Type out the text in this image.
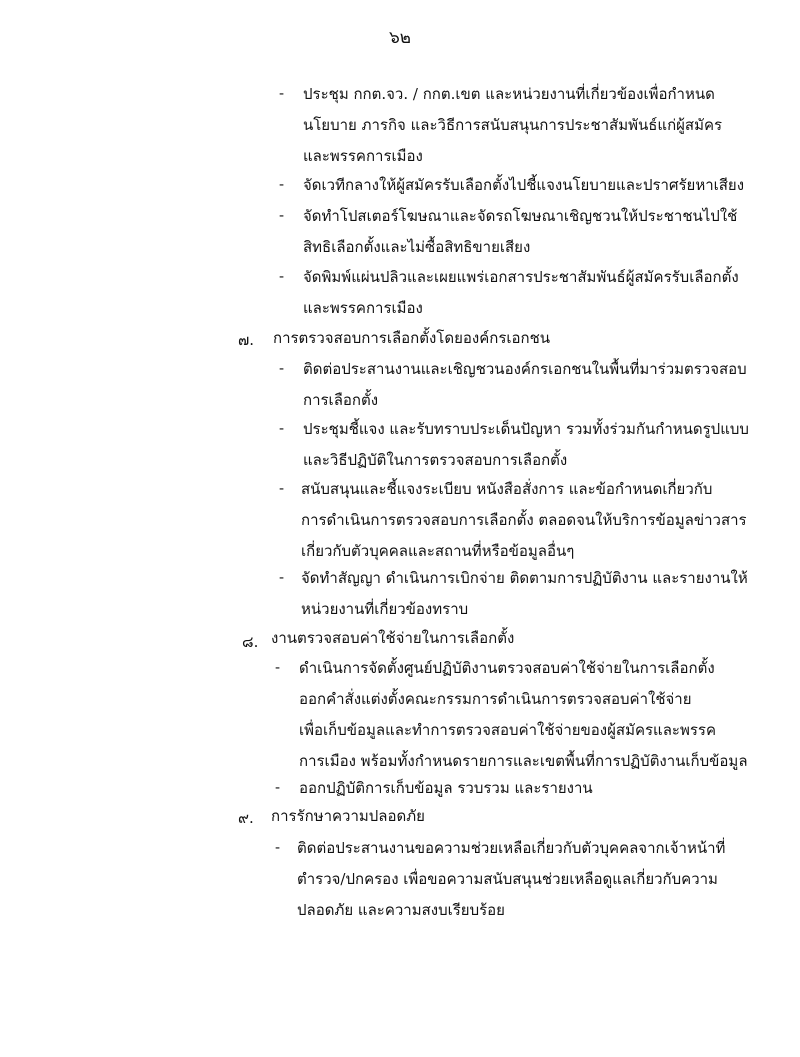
๖๒
- ประชุม กกต.จว. / กกต.เขต และหน่วยงานที่เกี่ยวข้องเพื่อกำหนด
นโยบาย ภารกิจ และวิธีการสนับสนุนการประชาสัมพันธ์แก่ผู้สมัคร
และพรรคการเมือง
- จัดเวทีกลางให้ผู้สมัครรับเลือกตั้งไปชี้แจงนโยบายและปราศรัยหาเสียง
- จัดทำโปสเตอร์โฆษณาและจัดรถโฆษณาเชิญชวนให้ประชาชนไปใช้
สิทธิเลือกตั้งและไม่ซื้อสิทธิขายเสียง
- จัดพิมพ์แผ่นปลิวและเผยแพร่เอกสารประชาสัมพันธ์ผู้สมัครรับเลือกตั้ง
และพรรคการเมือง
๗. การตรวจสอบการเลือกตั้งโดยองค์กรเอกชน
- ติดต่อประสานงานและเชิญชวนองค์กรเอกชนในพื้นที่มาร่วมตรวจสอบ
การเลือกตั้ง
- ประชุมชี้แจง และรับทราบประเด็นปัญหา รวมทั้งร่วมกันกำหนดรูปแบบ
และวิธีปฏิบัติในการตรวจสอบการเลือกตั้ง
- สนับสนุนและชี้แจงระเบียบ หนังสือสั่งการ และข้อกำหนดเกี่ยวกับ
การดำเนินการตรวจสอบการเลือกตั้ง ตลอดจนให้บริการข้อมูลข่าวสาร
เกี่ยวกับตัวบุคคลและสถานที่หรือข้อมูลอื่นๆ
- จัดทำสัญญา ดำเนินการเบิกจ่าย ติดตามการปฏิบัติงาน และรายงานให้
หน่วยงานที่เกี่ยวข้องทราบ
๘. งานตรวจสอบค่าใช้จ่ายในการเลือกตั้ง
- ดำเนินการจัดตั้งศูนย์ปฏิบัติงานตรวจสอบค่าใช้จ่ายในการเลือกตั้ง
ออกคำสั่งแต่งตั้งคณะกรรมการดำเนินการตรวจสอบค่าใช้จ่าย
เพื่อเก็บข้อมูลและทำการตรวจสอบค่าใช้จ่ายของผู้สมัครและพรรค
การเมือง พร้อมทั้งกำหนดรายการและเขตพื้นที่การปฏิบัติงานเก็บข้อมูล
- ออกปฏิบัติการเก็บข้อมูล รวบรวม และรายงาน
๙. การรักษาความปลอดภัย
- ติดต่อประสานงานขอความช่วยเหลือเกี่ยวกับตัวบุคคลจากเจ้าหน้าที่
ตำรวจ/ปกครอง เพื่อขอความสนับสนุนช่วยเหลือดูแลเกี่ยวกับความ
ปลอดภัย และความสงบเรียบร้อย
